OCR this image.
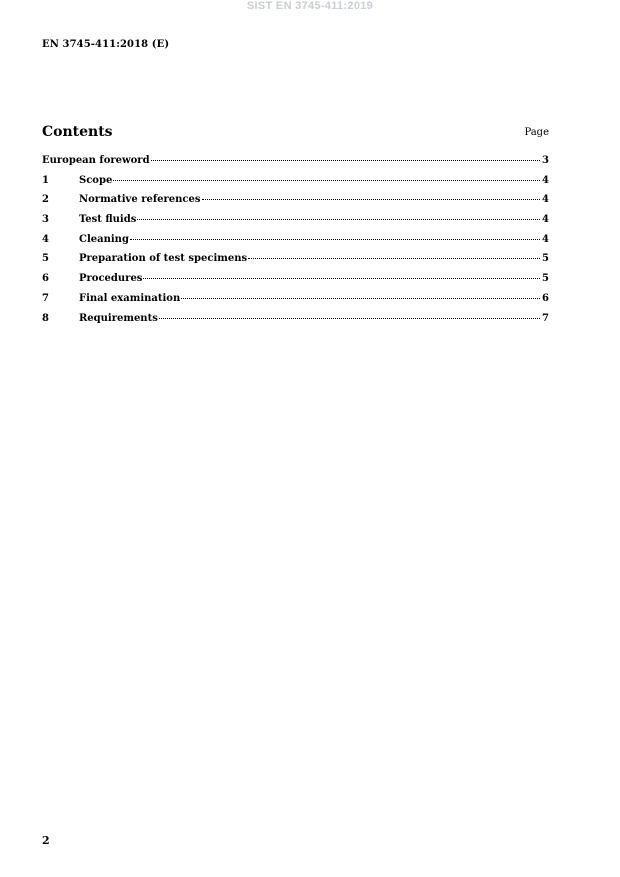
SIST EN 3745-411:2019
EN 3745-411:2018 (E)
Contents	Page
European foreword	3
1	Scope	4
2	Normative references	4
3	Test fluids	4
4	Cleaning	4
5	Preparation of test specimens	5
6	Procedures	5
7	Final examination	6
8	Requirements	7
2
